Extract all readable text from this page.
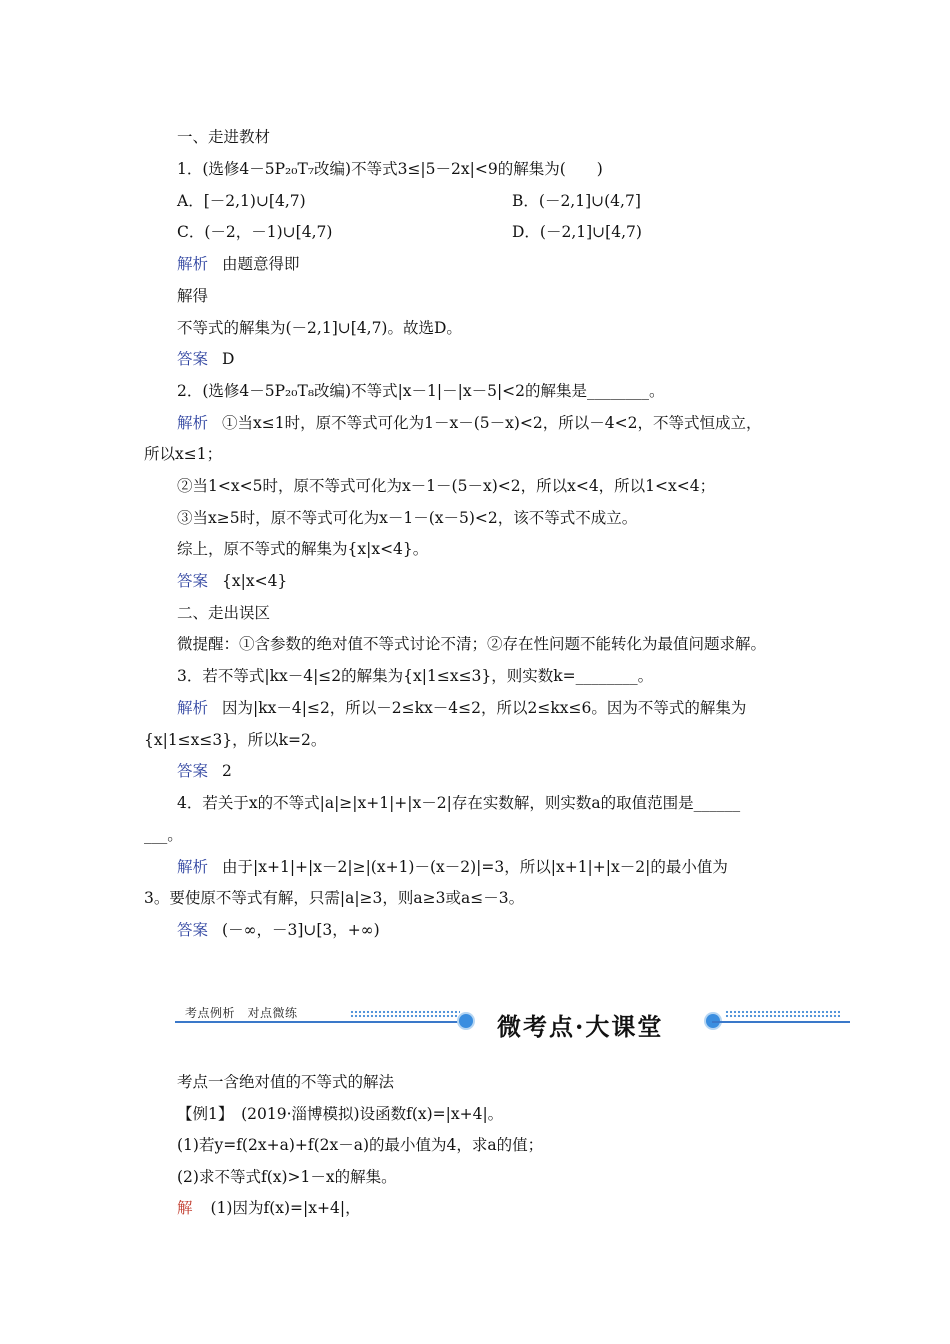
一、走进教材
1．(选修4－5P₂₀T₇改编)不等式3≤|5－2x|<9的解集为(　　)
A．[－2,1)∪[4,7)	B．(－2,1]∪(4,7]
C．(－2，－1)∪[4,7)	D．(－2,1]∪[4,7)
解析 由题意得即
解得
不等式的解集为(－2,1]∪[4,7)。故选D。
答案 D
2．(选修4－5P₂₀T₈改编)不等式|x－1|－|x－5|<2的解集是________。
解析 ①当x≤1时，原不等式可化为1－x－(5－x)<2，所以－4<2，不等式恒成立，
所以x≤1；
②当1<x<5时，原不等式可化为x－1－(5－x)<2，所以x<4，所以1<x<4；
③当x≥5时，原不等式可化为x－1－(x－5)<2，该不等式不成立。
综上，原不等式的解集为{x|x<4}。
答案 {x|x<4}
二、走出误区
微提醒：①含参数的绝对值不等式讨论不清；②存在性问题不能转化为最值问题求解。
3．若不等式|kx－4|≤2的解集为{x|1≤x≤3}，则实数k=________。
解析 因为|kx－4|≤2，所以－2≤kx－4≤2，所以2≤kx≤6。因为不等式的解集为
{x|1≤x≤3}，所以k=2。
答案 2
4．若关于x的不等式|a|≥|x+1|+|x－2|存在实数解，则实数a的取值范围是______
___。
解析 由于|x+1|+|x－2|≥|(x+1)－(x－2)|=3，所以|x+1|+|x－2|的最小值为
3。要使原不等式有解，只需|a|≥3，则a≥3或a≤－3。
答案 (－∞，－3]∪[3，+∞)
考点例析　对点微练	微考点·大课堂
考点一含绝对值的不等式的解法
【例1】　(2019·淄博模拟)设函数f(x)=|x+4|。
(1)若y=f(2x+a)+f(2x－a)的最小值为4，求a的值；
(2)求不等式f(x)>1－x的解集。
解 (1)因为f(x)=|x+4|，
